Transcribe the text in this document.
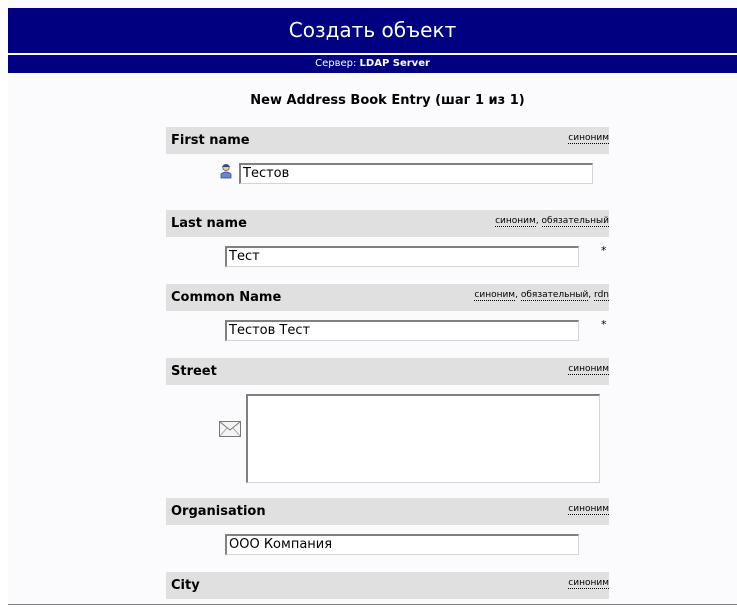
Создать объект
Сервер: LDAP Server
New Address Book Entry (шаг 1 из 1)
First name	синоним
Тестов
Last name	синоним, обязательный
Тест	*
Common Name	синоним, обязательный, rdn
Тестов Тест	*
Street	синоним
Organisation	синоним
ООО Компания
City	синоним
